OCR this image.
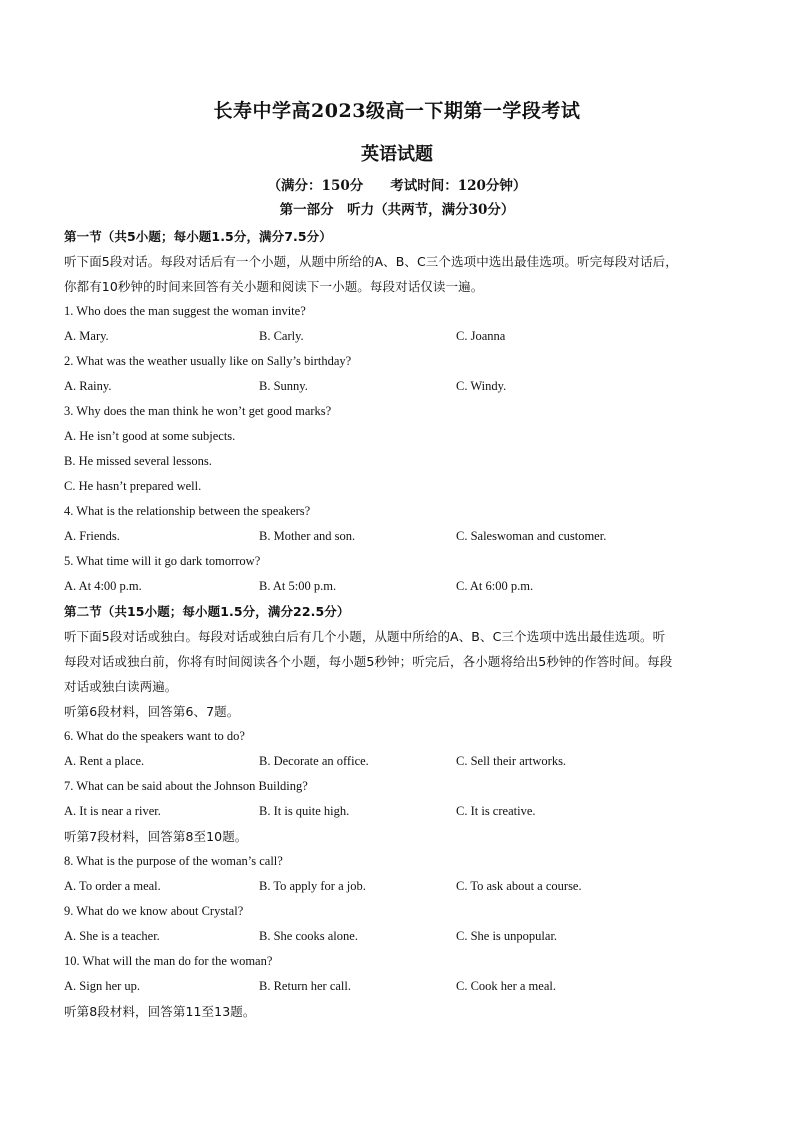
长寿中学高2023级高一下期第一学段考试
英语试题
（满分：150分　　考试时间：120分钟）
第一部分　听力（共两节，满分30分）
第一节（共5小题；每小题1.5分，满分7.5分）
听下面5段对话。每段对话后有一个小题，从题中所给的A、B、C三个选项中选出最佳选项。听完每段对话后，
你都有10秒钟的时间来回答有关小题和阅读下一小题。每段对话仅读一遍。
1. Who does the man suggest the woman invite?
A. Mary.	B. Carly.	C. Joanna
2. What was the weather usually like on Sally’s birthday?
A. Rainy.	B. Sunny.	C. Windy.
3. Why does the man think he won’t get good marks?
A. He isn’t good at some subjects.
B. He missed several lessons.
C. He hasn’t prepared well.
4. What is the relationship between the speakers?
A. Friends.	B. Mother and son.	C. Saleswoman and customer.
5. What time will it go dark tomorrow?
A. At 4:00 p.m.	B. At 5:00 p.m.	C. At 6:00 p.m.
第二节（共15小题；每小题1.5分，满分22.5分）
听下面5段对话或独白。每段对话或独白后有几个小题，从题中所给的A、B、C三个选项中选出最佳选项。听
每段对话或独白前，你将有时间阅读各个小题，每小题5秒钟；听完后，各小题将给出5秒钟的作答时间。每段
对话或独白读两遍。
听第6段材料，回答第6、7题。
6. What do the speakers want to do?
A. Rent a place.	B. Decorate an office.	C. Sell their artworks.
7. What can be said about the Johnson Building?
A. It is near a river.	B. It is quite high.	C. It is creative.
听第7段材料，回答第8至10题。
8. What is the purpose of the woman’s call?
A. To order a meal.	B. To apply for a job.	C. To ask about a course.
9. What do we know about Crystal?
A. She is a teacher.	B. She cooks alone.	C. She is unpopular.
10. What will the man do for the woman?
A. Sign her up.	B. Return her call.	C. Cook her a meal.
听第8段材料，回答第11至13题。
